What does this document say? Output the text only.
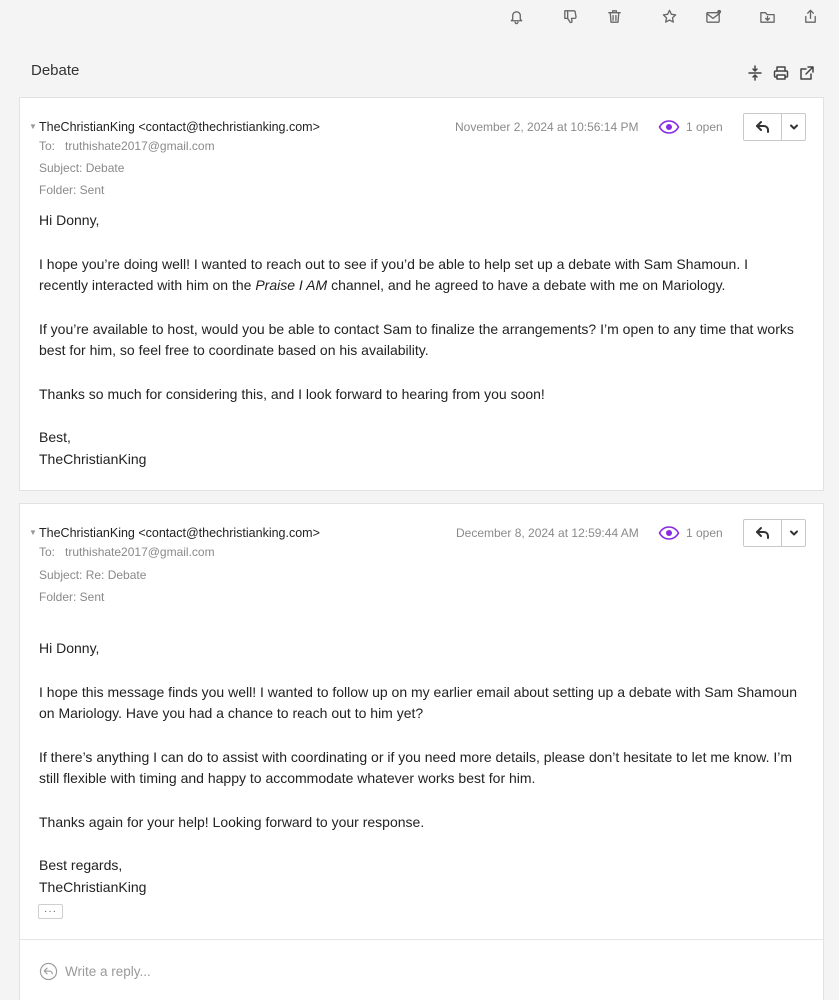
Debate
▼ TheChristianKing <contact@thechristianking.com>
To: truthishate2017@gmail.com
Subject: Debate
Folder: Sent
November 2, 2024 at 10:56:14 PM	1 open

Hi Donny,

I hope you’re doing well! I wanted to reach out to see if you’d be able to help set up a debate with Sam Shamoun. I recently interacted with him on the Praise I AM channel, and he agreed to have a debate with me on Mariology.

If you’re available to host, would you be able to contact Sam to finalize the arrangements? I’m open to any time that works best for him, so feel free to coordinate based on his availability.

Thanks so much for considering this, and I look forward to hearing from you soon!

Best,

TheChristianKing

▼ TheChristianKing <contact@thechristianking.com>
To: truthishate2017@gmail.com
Subject: Re: Debate
Folder: Sent
December 8, 2024 at 12:59:44 AM	1 open

Hi Donny,

I hope this message finds you well! I wanted to follow up on my earlier email about setting up a debate with Sam Shamoun on Mariology. Have you had a chance to reach out to him yet?

If there’s anything I can do to assist with coordinating or if you need more details, please don’t hesitate to let me know. I’m still flexible with timing and happy to accommodate whatever works best for him.

Thanks again for your help! Looking forward to your response.

Best regards,

TheChristianKing

···
Write a reply...
